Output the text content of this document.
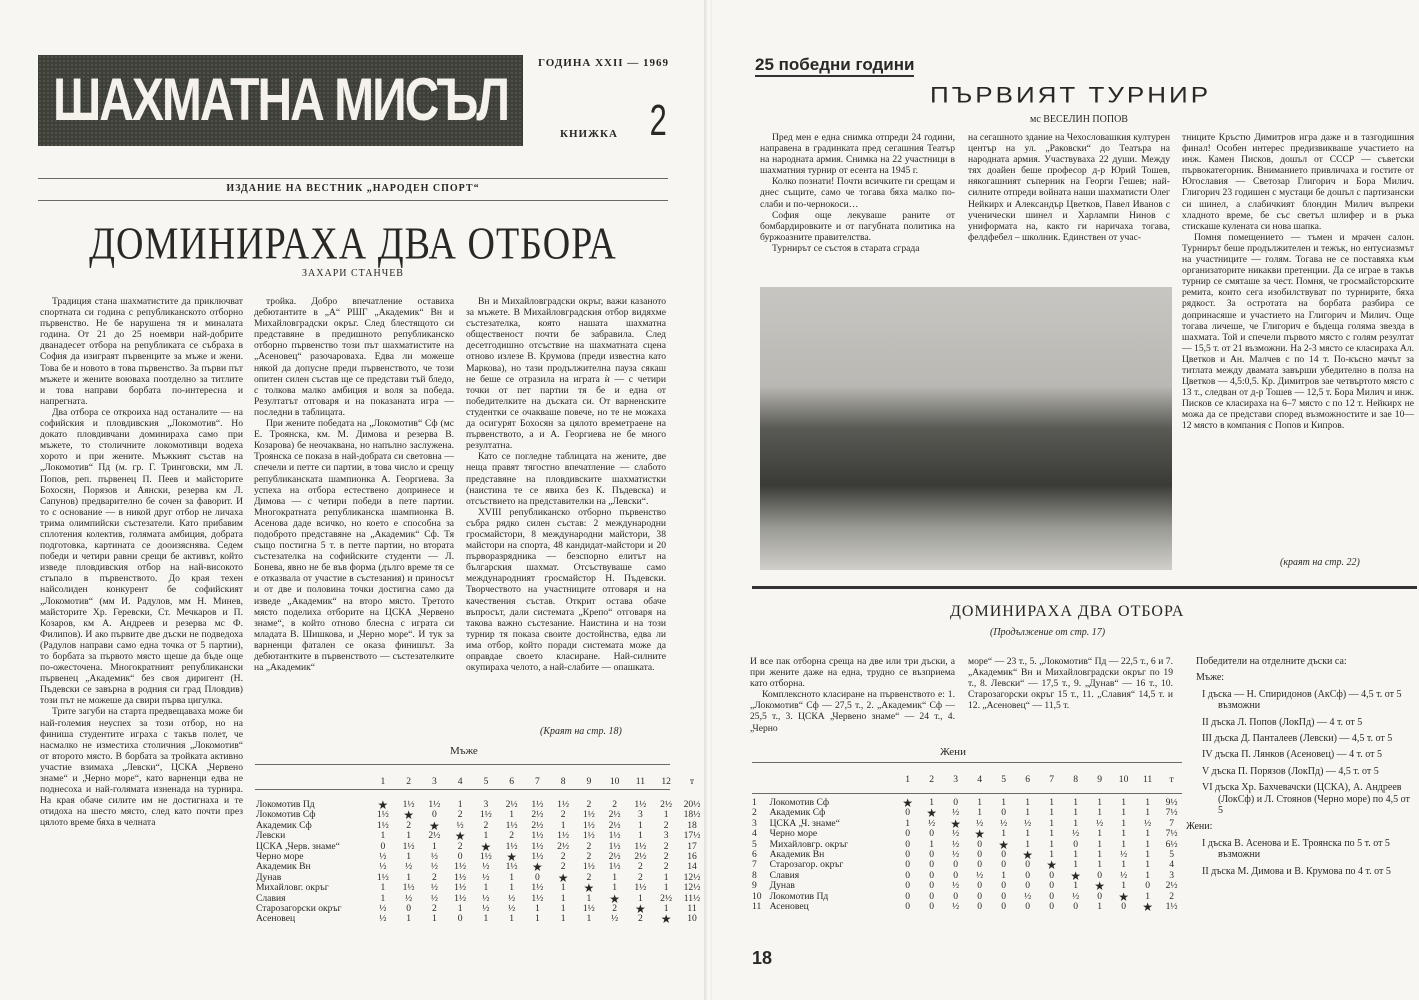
ШАХМАТНА МИСЪЛ
ГОДИНА XXII — 1969
КНИЖКА 2
ИЗДАНИЕ НА ВЕСТНИК „НАРОДЕН СПОРТ“
ДОМИНИРАХА ДВА ОТБОРА
ЗАХАРИ СТАНЧЕВ

Традиция стана шахматистите да приключват спортната си година с републиканското отборно първенство. Не бе нарушена тя и миналата година. От 21 до 25 ноември най-добрите дванадесет отбора на републиката се събраха в София да изиграят първенците за мъже и жени. Това бе и новото в това първенство. За първи път мъжете и жените воюваха поотделно за титлите и това направи борбата по-интересна и напрегната.

Два отбора се откроиха над останалите — на софийския и пловдивския „Локомотив“. Но докато пловдивчани доминираха само при мъжете, то столичните локомотивци водеха хорото и при жените. Мъжкият състав на „Локомотив“ Пд (м. гр. Г. Тринговски, мм Л. Попов, реп. първенец П. Пеев и майсторите Бохосян, Порязов и Аянски, резерва км Л. Сапунов) предварително бе сочен за фаворит. И то с основание — в никой друг отбор не личаха трима олимпийски състезатели. Като прибавим сплотения колектив, голямата амбиция, добрата подготовка, картината се дооизяснява. Седем победи и четири равни срещи бе активът, който изведе пловдивския отбор на най-високото стъпало в първенството. До края техен найсолиден конкурент бе софийският „Локомотив“ (мм И. Радулов, мм Н. Минев, майсторите Хр. Геревски, Ст. Мечкаров и П. Козаров, км А. Андреев и резерва мс Ф. Филипов). И ако първите две дъски не подведоха (Радулов направи само една точка от 5 партии), то борбата за първото място щеше да бъде още по-ожесточена. Многократният републикански първенец „Академик“ без своя диригент (Н. Пъдевски се завърна в родния си град Пловдив) този път не можеше да свири първа цигулка.

Трите загуби на старта предвещаваха може би най-големия неуспех за този отбор, но на финиша студентите играха с такъв полет, че насмалко не изместиха столичния „Локомотив“ от второто място. В борбата за тройката активно участие взимаха „Левски“, ЦСКА „Червено знаме“ и „Черно море“, като варненци едва не поднесоха и най-голямата изненада на турнира. На края обаче силите им не достигнаха и те отидоха на шесто място, след като почти през цялото време бяха в челната

тройка. Добро впечатление оставиха дебютантите в „А“ РШГ „Академик“ Вн и Михайловградски окръг. След блестящото си представяне в предишното републиканско отборно първенство този път шахматистите на „Асеновец“ разочароваха. Едва ли можеше някой да допусне преди първенството, че този опитен силен състав ще се представи тъй бледо, с толкова малко амбиция и воля за победа. Резултатът отговаря и на показаната игра — последни в таблицата.

При жените победата на „Локомотив“ Сф (мс Е. Троянска, км. М. Димова и резерва В. Козарова) бе неочаквана, но напълно заслужена. Троянска се показа в най-добрата си световна — спечели и петте си партии, в това число и срещу републиканската шампионка А. Георгиева. За успеха на отбора естествено допринесе и Димова — с четири победи в пете партии. Многократната републиканска шампионка В. Асенова даде всичко, но което е способна за подоброто представяне на „Академик“ Сф. Тя също постигна 5 т. в петте партии, но втората състезателка на софийските студенти — Л. Бонева, явно не бе във форма (дълго време тя се е отказвала от участие в състезания) и приносът и от две и половина точки достигна само да изведе „Академик“ на второ място. Третото място поделиха отборите на ЦСКА „Червено знаме“, в който отново блесна с играта си младата В. Шишкова, и „Черно море“. И тук за варненци фатален се оказа финишът. За дебютантките в първенството — състезателките на „Академик“

Вн и Михайловградски окръг, важи казаното за мъжете. В Михайловградския отбор видяхме състезателка, която нашата шахматна общественост почти бе забравила. След десетгодишно отсъствие на шахматната сцена отново излезе В. Крумова (преди известна като Маркова), но тази продължителна пауза сякаш не беше се отразила на играта ѝ — с четири точки от пет партии тя бе и една от победителките на дъската си. От варненските студентки се очакваше повече, но те не можаха да осигурят Бохосян за цялото времетраене на първенството, а и А. Георгиева не бе много резултатна.

Като се погледне таблицата на жените, две неща правят тягостно впечатление — слабото представяне на пловдивските шахматистки (наистина те се явиха без К. Пъдевска) и отсъствието на представителки на „Левски“.

XVIII републиканско отборно първенство събра рядко силен състав: 2 международни гросмайстори, 8 международни майстори, 38 майстори на спорта, 48 кандидат-майстори и 20 първоразрядника — безспорно елитът на българския шахмат. Отсъствуваше само международният гросмайстор Н. Пъдевски. Творчеството на участниците отговаря и на качествения състав. Открит остава обаче въпросът, дали системата „Крепо“ отговаря на такова важно състезание. Наистина и на този турнир тя показа своите достойнства, едва ли има отбор, който поради системата може да оправдае своето класиране. Най-силните окупираха челото, а най-слабите — опашката.

(Краят на стр. 18)
Мъже
	1	2	3	4	5	6	7	8	9	10	11	12	т

Локомотив Пд	★	1½	1½	1	3	2½	1½	1½	2	2	1½	2½	20½
Локомотив Сф	1½	★	0	2	1½	1	2½	2	1½	2½	3	1	18½
Академик Сф	1½	2	★	½	2	1½	2½	1	1½	2½	1	2	18
Левски	1	1	2½	★	1	2	1½	1½	1½	1½	1	3	17½
ЦСКА „Черв. знаме“	0	1½	1	2	★	1½	1½	2½	2	1½	1½	2	17
Черно море	½	1	½	0	1½	★	1½	2	2	2½	2½	2	16
Академик Вн	½	½	½	1½	½	1½	★	2	1½	1½	2	2	14
Дунав	1½	1	2	1½	½	1	0	★	2	1	2	1	12½
Михайловг. окръг	1	1½	½	1½	1	1	1½	1	★	1	1½	1	12½
Славия	1	½	½	1½	½	½	1½	1	1	★	1	2½	11½
Старозагорски окръг	½	0	2	1	½	½	1	1	1½	2	★	1	11
Асеновец	½	1	1	0	1	1	1	1	1	½	2	★	10
25 победни години
ПЪРВИЯТ ТУРНИР
мс ВЕСЕЛИН ПОПОВ

Пред мен е една снимка отпреди 24 години, направена в градинката пред сегашния Театър на народната армия. Снимка на 22 участници в шахматния турнир от есента на 1945 г.

Колко познати! Почти всичките ги срещам и днес същите, само че тогава бяха малко по-слаби и по-чернокоси…

София още лекуваше раните от бомбардировките и от пагубната политика на буржоазните правителства.

Турнирът се състоя в старата сграда

на сегашното здание на Чехословашкия културен център на ул. „Раковски“ до Театъра на народната армия. Участвуваха 22 души. Между тях доайен беше професор д-р Юрий Тошев, някогашният съперник на Георги Гешев; най-силните отпреди войната наши шахматисти Олег Нейкирх и Александър Цветков, Павел Иванов с ученически шинел и Харлампи Нинов с униформата на, както ги наричаха тогава, фелдфебел – школник. Единствен от учас-

тниците Кръстю Димитров игра даже и в тазгодишния финал! Особен интерес предизвикваше участието на инж. Камен Писков, дошъл от СССР — съветски първокатегорник. Вниманието привличаха и гостите от Югославия — Светозар Глигорич и Бора Милич. Глигорич 23 годишен с мустаци бе дошъл с партизански си шинел, а слабичкият блондин Милич въпреки хладното време, бе със светъл шлифер и в ръка стискаше кулената си нова шапка.

Помня помещението — тъмен и мрачен салон. Турнирът беше продължителен и тежък, но ентусиазмът на участниците — голям. Тогава не се поставяха към организаторите никакви претенции. Да се играе в такъв турнир се смяташе за чест. Помня, че гросмайсторските ремита, които сега изобилствуват по турнирите, бяха рядкост. За остротата на борбата разбира се допринасяше и участието на Глигорич и Милич. Още тогава личеше, че Глигорич е бъдеща голяма звезда в шахмата. Той и спечели първото място с голям резултат — 15,5 т. от 21 възможни. На 2-3 място се класираха Ал. Цветков и Ан. Малчев с по 14 т. По-късно мачът за титлата между двамата завърши убедително в полза на Цветков — 4,5:0,5. Кр. Димитров зае четвъртото място с 13 т., следван от д-р Тошев — 12,5 т. Бора Милич и инж. Писков се класираха на 6–7 място с по 12 т. Нейкирх не можа да се представи според възможностите и зае 10—12 място в компания с Попов и Кипров.

(краят на стр. 22)
ДОМИНИРАХА ДВА ОТБОРА
(Продължение от стр. 17)

И все пак отборна среща на две или три дъски, а при жените даже на една, трудно се възприема като отборна.

Комплексното класиране на първенството е: 1. „Локомотив“ Сф — 27,5 т., 2. „Академик“ Сф — 25,5 т., 3. ЦСКА „Червено знаме“ — 24 т., 4. „Черно

море“ — 23 т., 5. „Локомотив“ Пд — 22,5 т., 6 и 7. „Академик“ Вн и Михайловградски окръг по 19 т., 8. Левски“ — 17,5 т., 9. „Дунав“ — 16 т., 10. Старозагорски окръг 15 т., 11. „Славия“ 14,5 т. и 12. „Асеновец“ — 11,5 т.

Жени
		1	2	3	4	5	6	7	8	9	10	11	т

1	Локомотив Сф	★	1	0	1	1	1	1	1	1	1	1	9½
2	Академик Сф	0	★	½	1	0	1	1	1	1	1	1	7½
3	ЦСКА „Ч. знаме“	1	½	★	½	½	½	1	1	½	1	½	7
4	Черно море	0	0	½	★	1	1	1	½	1	1	1	7½
5	Михайловгр. окръг	0	1	½	0	★	1	1	0	1	1	1	6½
6	Академик Вн	0	0	½	0	0	★	1	1	1	½	1	5
7	Старозагор. окръг	0	0	0	0	0	0	★	1	1	1	1	4
8	Славия	0	0	0	½	1	0	0	★	0	½	1	3
9	Дунав	0	0	½	0	0	0	0	1	★	1	0	2½
10	Локомотив Пд	0	0	0	0	0	½	0	½	0	★	1	2
11	Асеновец	0	0	½	0	0	0	0	0	1	0	★	1½

Победители на отделните дъски са:

Мъже:

I дъска — Н. Спиридонов (АкСф) — 4,5 т. от 5 възможни

II дъска Л. Попов (ЛокПд) — 4 т. от 5

III дъска Д. Панталеев (Левски) — 4,5 т. от 5

IV дъска П. Лянков (Асеновец) — 4 т. от 5

V дъска П. Порязов (ЛокПд) — 4,5 т. от 5

VI дъска Хр. Бахчевачски (ЦСКА), А. Андреев (ЛокСф) и Л. Стоянов (Черно море) по 4,5 от 5

Жени:

I дъска В. Асенова и Е. Троянска по 5 т. от 5 възможни

II дъска М. Димова и В. Крумова по 4 т. от 5

18
